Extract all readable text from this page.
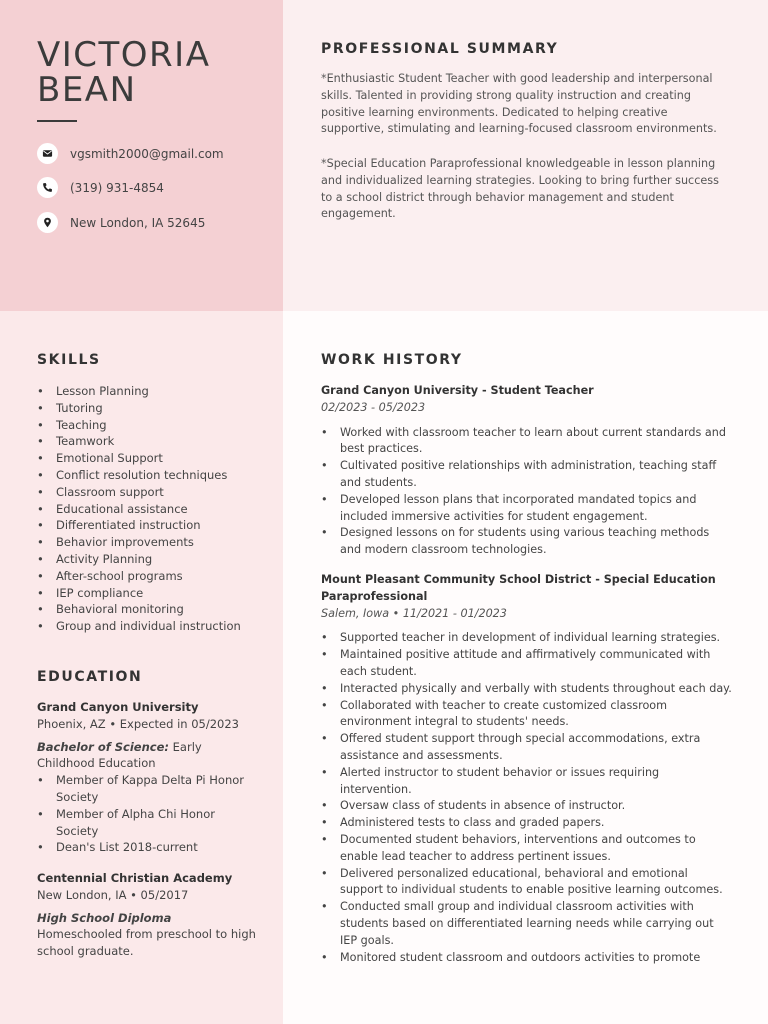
VICTORIA
BEAN
vgsmith2000@gmail.com
(319) 931-4854
New London, IA 52645
PROFESSIONAL SUMMARY

*Enthusiastic Student Teacher with good leadership and interpersonal skills. Talented in providing strong quality instruction and creating positive learning environments. Dedicated to helping creative supportive, stimulating and learning-focused classroom environments.

*Special Education Paraprofessional knowledgeable in lesson planning and individualized learning strategies. Looking to bring further success to a school district through behavior management and student engagement.

SKILLS
• Lesson Planning
• Tutoring
• Teaching
• Teamwork
• Emotional Support
• Conflict resolution techniques
• Classroom support
• Educational assistance
• Differentiated instruction
• Behavior improvements
• Activity Planning
• After-school programs
• IEP compliance
• Behavioral monitoring
• Group and individual instruction
EDUCATION
Grand Canyon University
Phoenix, AZ • Expected in 05/2023
Bachelor of Science: Early Childhood Education
• Member of Kappa Delta Pi Honor Society
• Member of Alpha Chi Honor Society
• Dean's List 2018-current
Centennial Christian Academy
New London, IA • 05/2017
High School Diploma
Homeschooled from preschool to high school graduate.
WORK HISTORY
Grand Canyon University - Student Teacher
02/2023 - 05/2023
• Worked with classroom teacher to learn about current standards and best practices.
• Cultivated positive relationships with administration, teaching staff and students.
• Developed lesson plans that incorporated mandated topics and included immersive activities for student engagement.
• Designed lessons on for students using various teaching methods and modern classroom technologies.
Mount Pleasant Community School District - Special Education Paraprofessional
Salem, Iowa • 11/2021 - 01/2023
• Supported teacher in development of individual learning strategies.
• Maintained positive attitude and affirmatively communicated with each student.
• Interacted physically and verbally with students throughout each day.
• Collaborated with teacher to create customized classroom environment integral to students' needs.
• Offered student support through special accommodations, extra assistance and assessments.
• Alerted instructor to student behavior or issues requiring intervention.
• Oversaw class of students in absence of instructor.
• Administered tests to class and graded papers.
• Documented student behaviors, interventions and outcomes to enable lead teacher to address pertinent issues.
• Delivered personalized educational, behavioral and emotional support to individual students to enable positive learning outcomes.
• Conducted small group and individual classroom activities with students based on differentiated learning needs while carrying out IEP goals.
• Monitored student classroom and outdoors activities to promote
